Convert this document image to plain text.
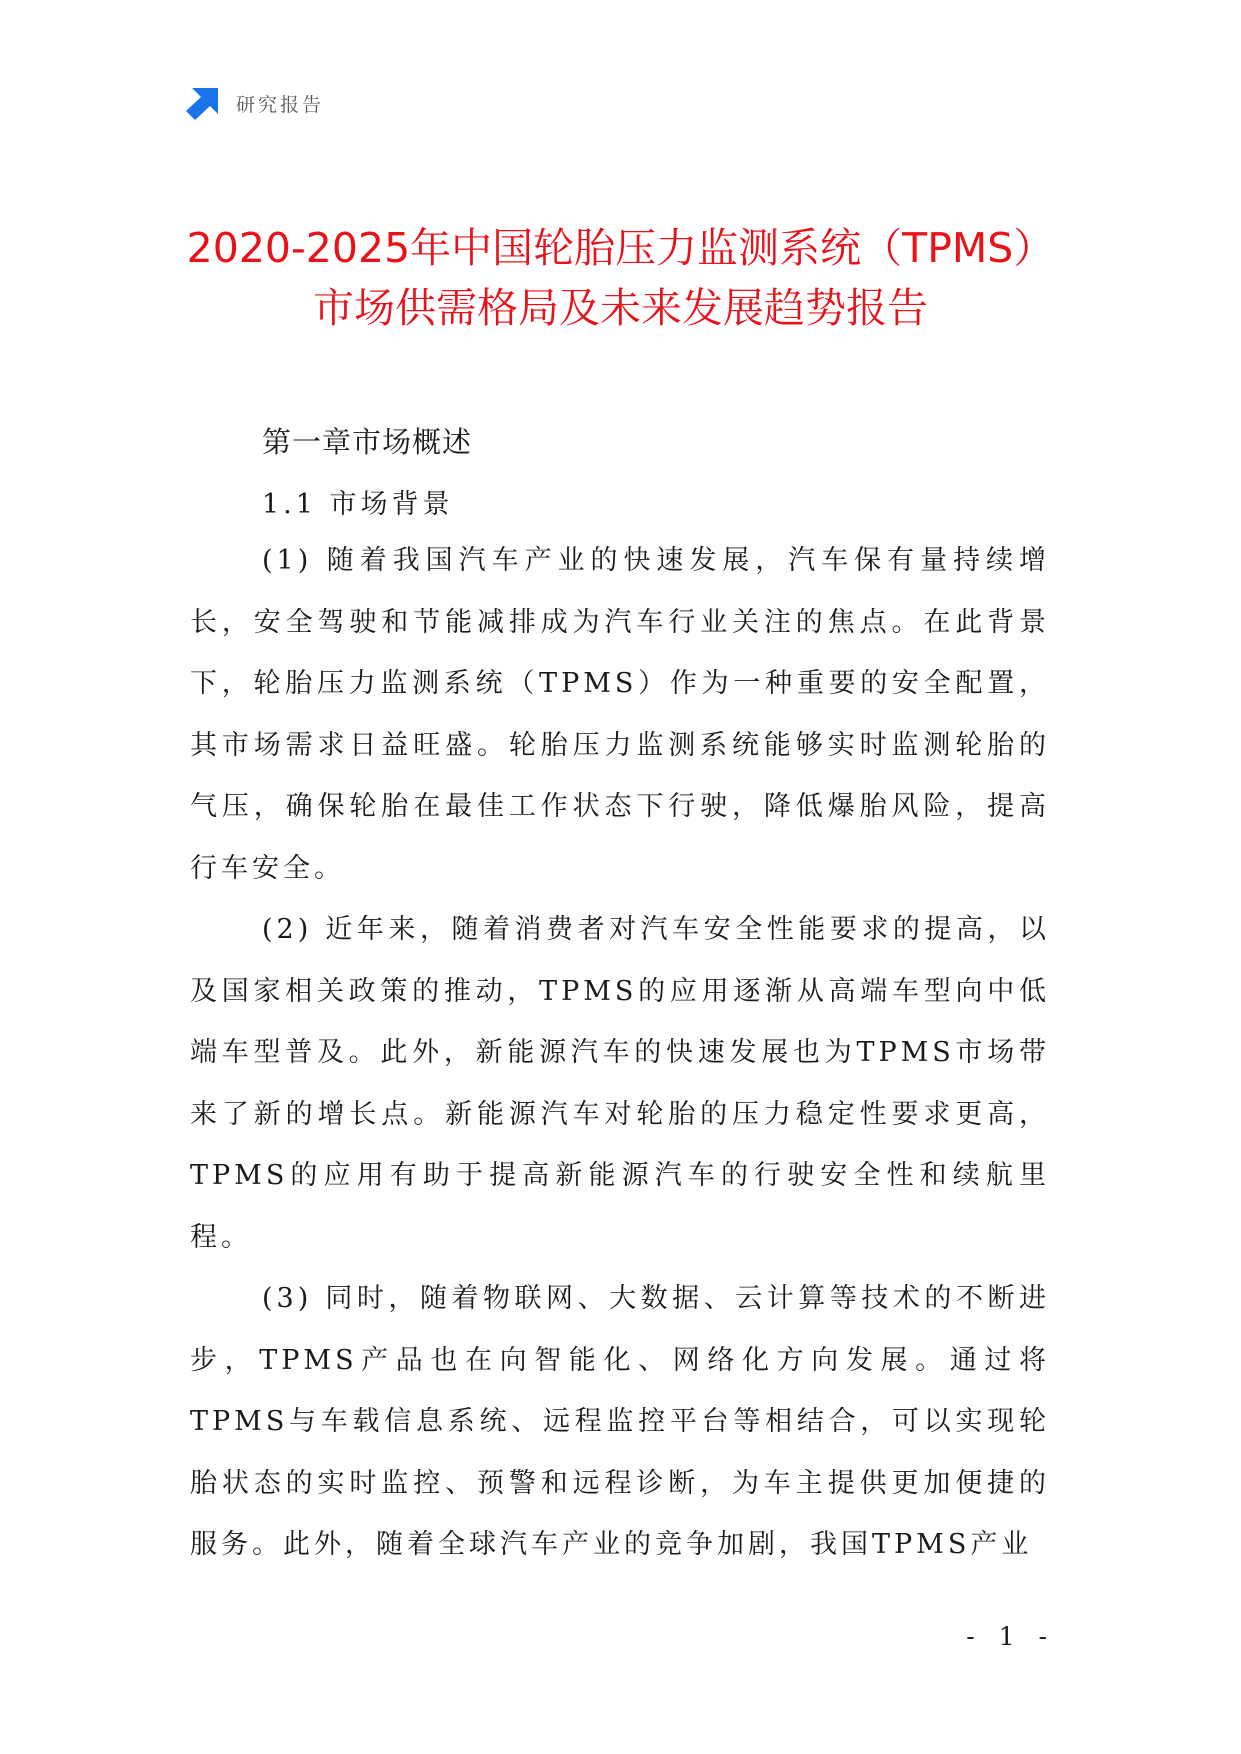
研究报告
2020-2025年中国轮胎压力监测系统（TPMS）
市场供需格局及未来发展趋势报告
第一章市场概述
1.1 市场背景

(1) 随着我国汽车产业的快速发展，汽车保有量持续增长，安全驾驶和节能减排成为汽车行业关注的焦点。在此背景下，轮胎压力监测系统（TPMS）作为一种重要的安全配置，其市场需求日益旺盛。轮胎压力监测系统能够实时监测轮胎的气压，确保轮胎在最佳工作状态下行驶，降低爆胎风险，提高行车安全。

(2) 近年来，随着消费者对汽车安全性能要求的提高，以及国家相关政策的推动，TPMS的应用逐渐从高端车型向中低端车型普及。此外，新能源汽车的快速发展也为TPMS市场带来了新的增长点。新能源汽车对轮胎的压力稳定性要求更高，TPMS的应用有助于提高新能源汽车的行驶安全性和续航里程。

(3) 同时，随着物联网、大数据、云计算等技术的不断进步，TPMS产品也在向智能化、网络化方向发展。通过将TPMS与车载信息系统、远程监控平台等相结合，可以实现轮胎状态的实时监控、预警和远程诊断，为车主提供更加便捷的服务。此外，随着全球汽车产业的竞争加剧，我国TPMS产业

- 1 -
